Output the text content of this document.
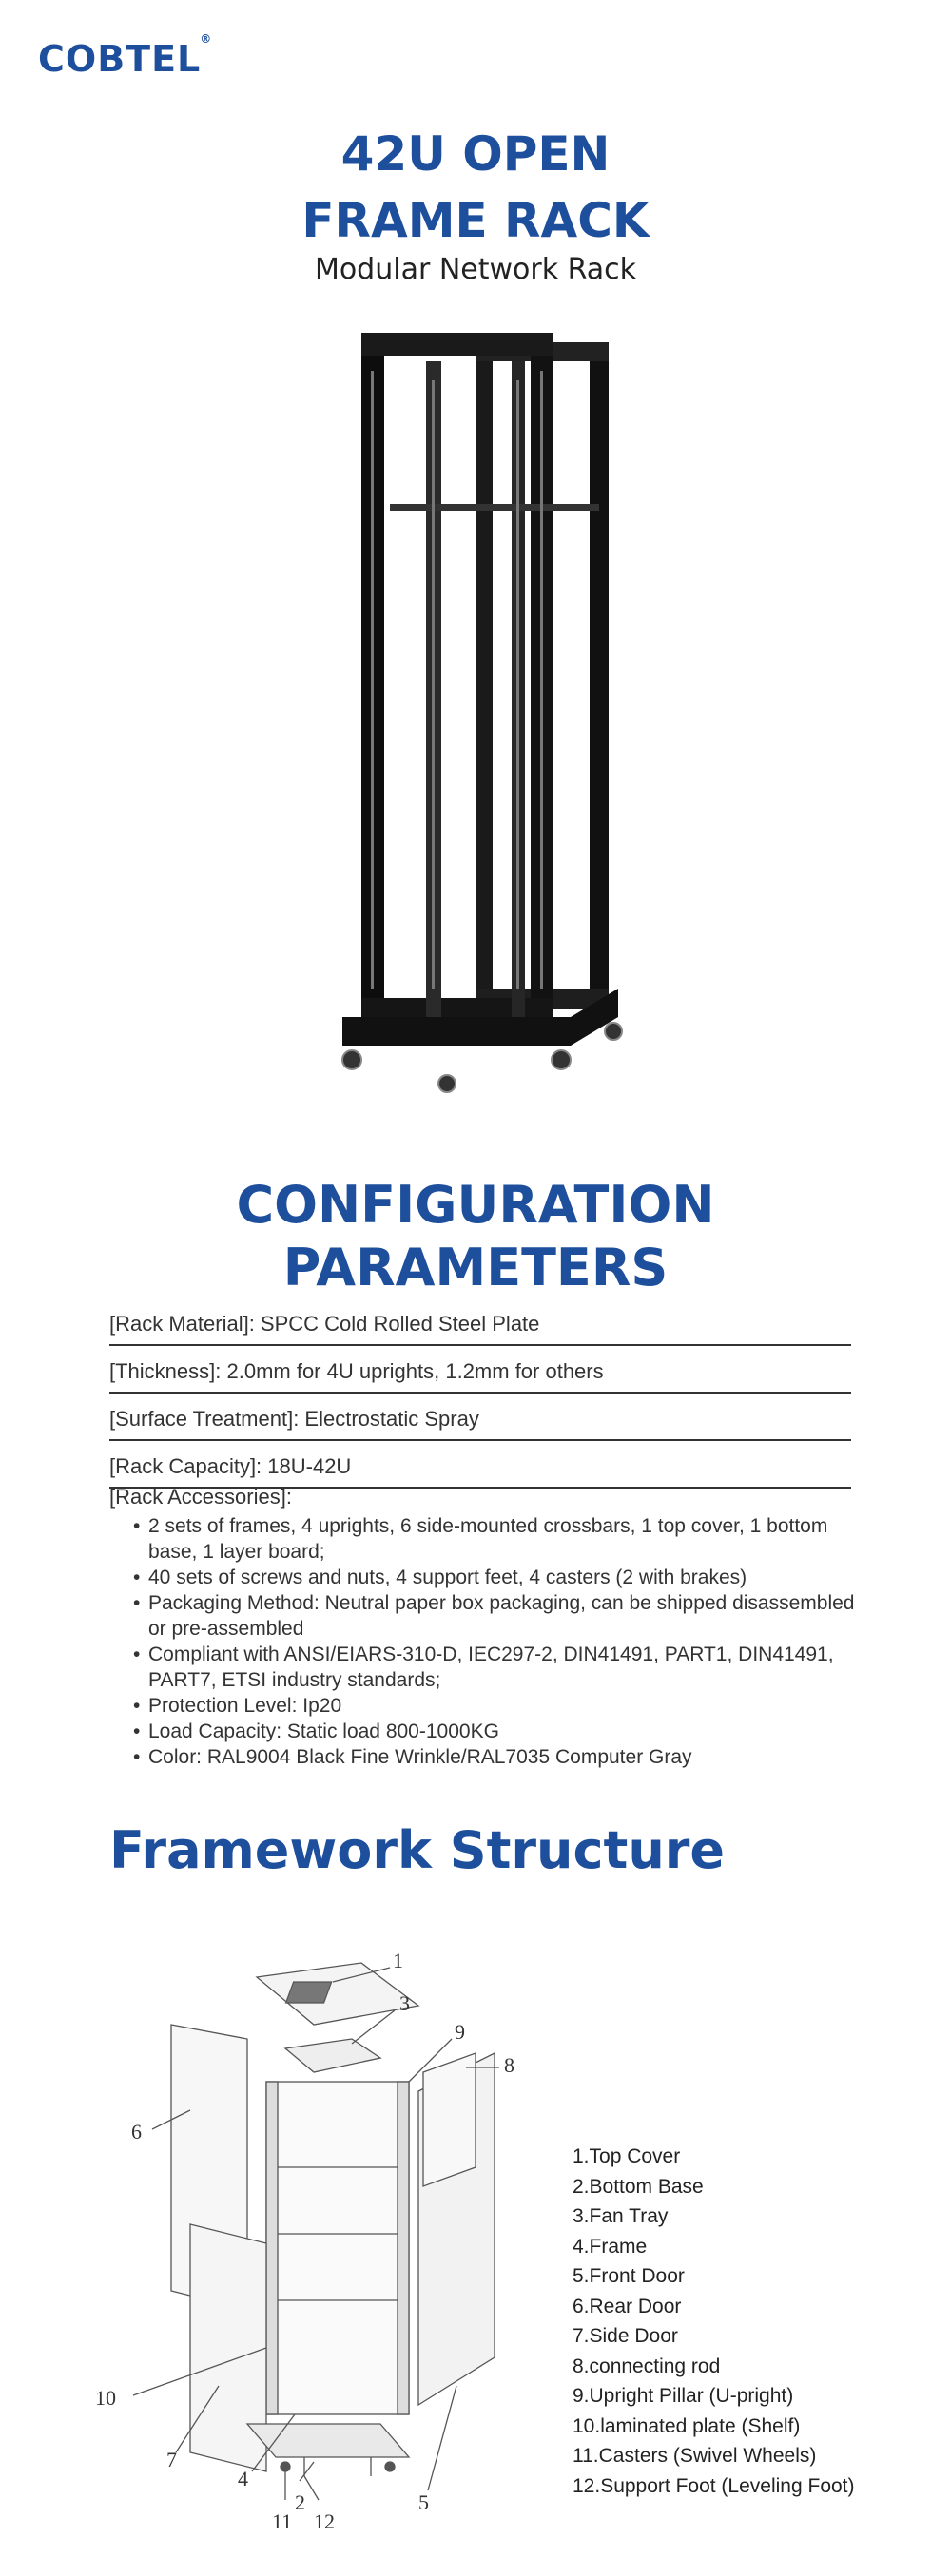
COBTEL ®
42U OPEN
FRAME RACK
Modular Network Rack
CONFIGURATION
PARAMETERS
[Rack Material]: SPCC Cold Rolled Steel Plate
[Thickness]: 2.0mm for 4U uprights, 1.2mm for others
[Surface Treatment]: Electrostatic Spray
[Rack Capacity]: 18U-42U
[Rack Accessories]:
• 2 sets of frames, 4 uprights, 6 side-mounted crossbars, 1 top cover, 1 bottom base, 1 layer board;
• 40 sets of screws and nuts, 4 support feet, 4 casters (2 with brakes)
• Packaging Method: Neutral paper box packaging, can be shipped disassembled or pre-assembled
• Compliant with ANSI/EIARS-310-D, IEC297-2, DIN41491, PART1, DIN41491, PART7, ETSI industry standards;
• Protection Level: Ip20
• Load Capacity: Static load 800-1000KG
• Color: RAL9004 Black Fine Wrinkle/RAL7035 Computer Gray
Framework Structure
1
2
3
4
5
6
7
8
9
10
11 12
1.Top Cover
2.Bottom Base
3.Fan Tray
4.Frame
5.Front Door
6.Rear Door
7.Side Door
8.connecting rod
9.Upright Pillar (U-pright)
10.laminated plate (Shelf)
11.Casters (Swivel Wheels)
12.Support Foot (Leveling Foot)
